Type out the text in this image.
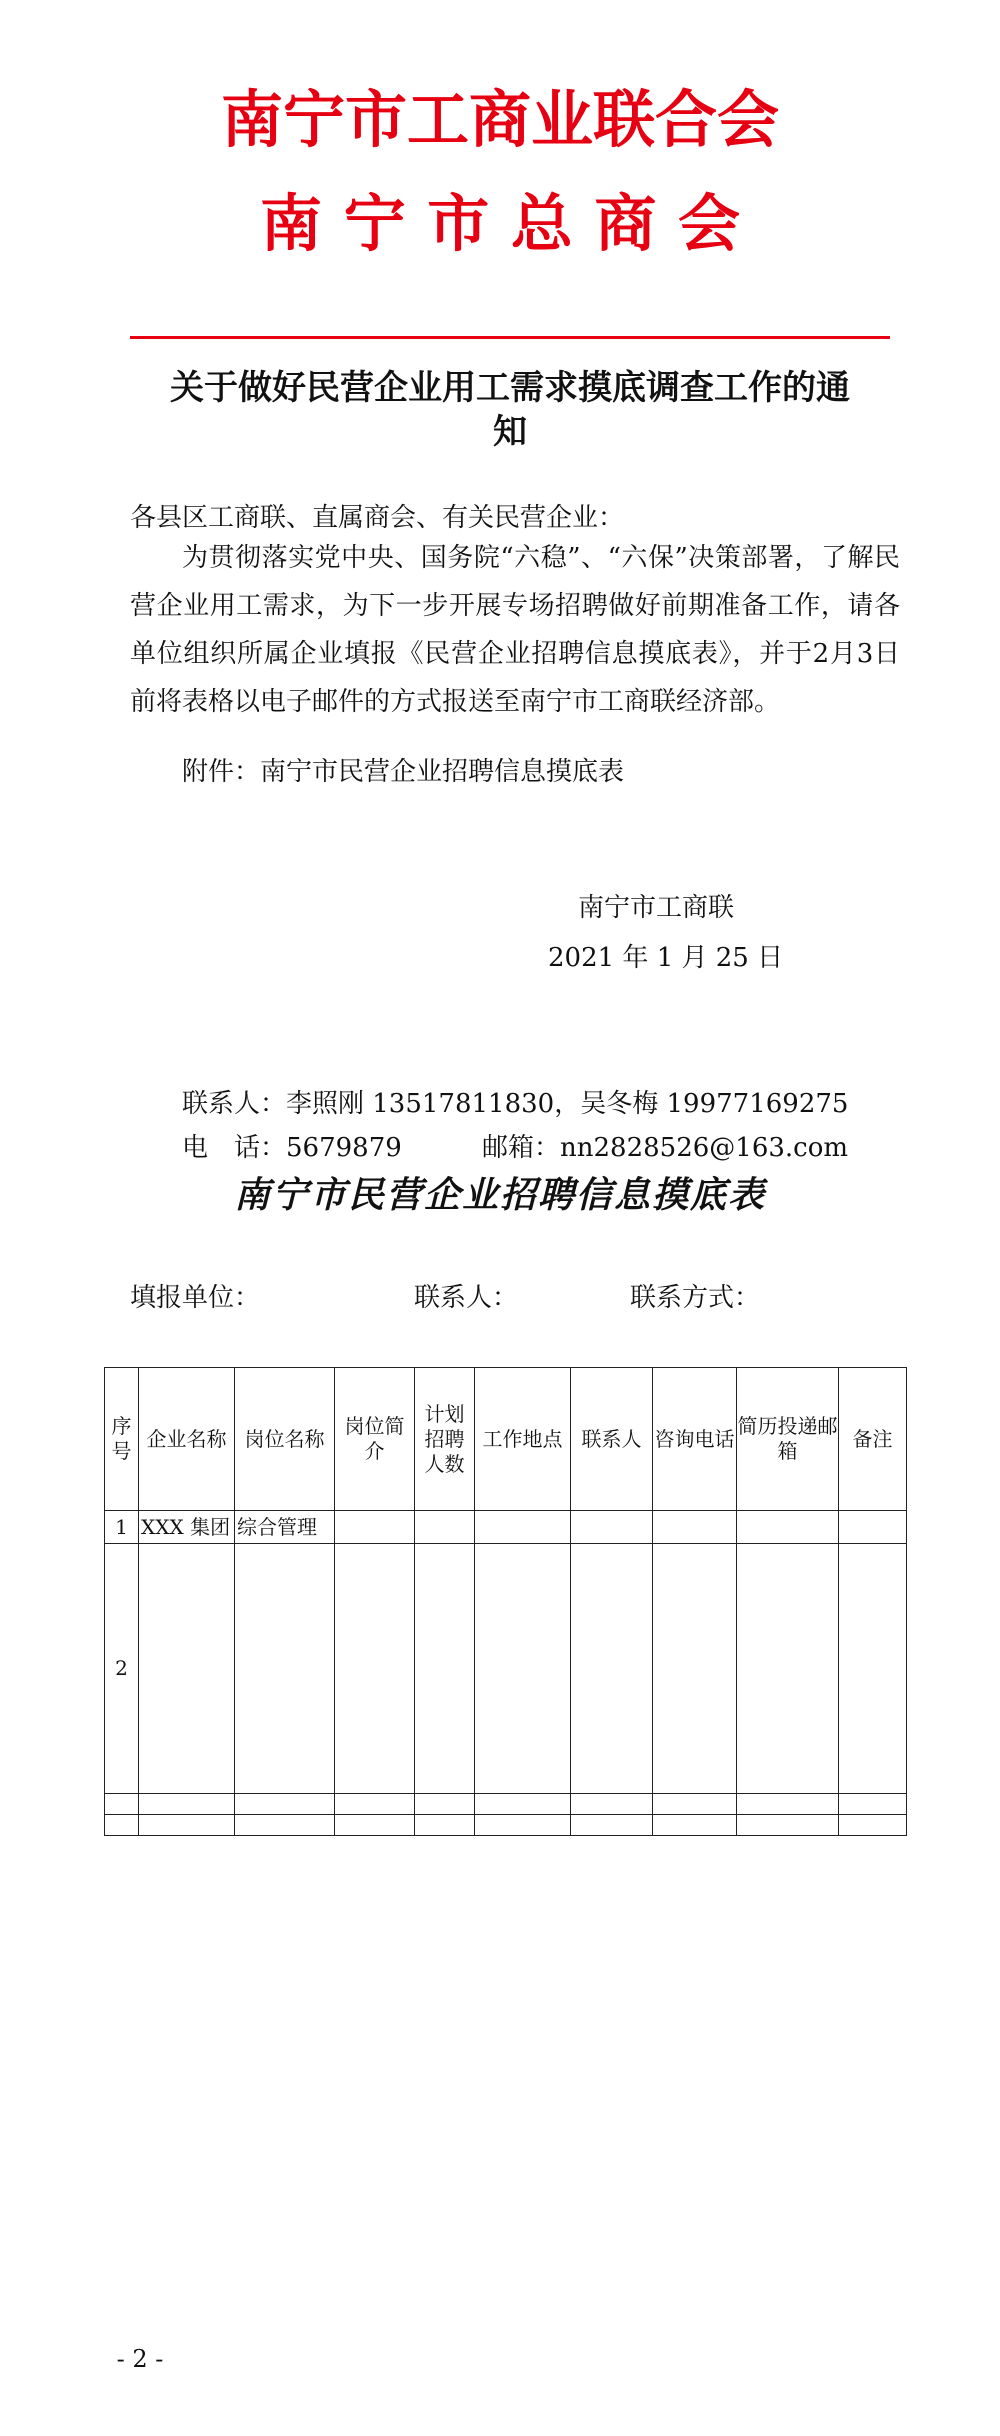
南宁市工商业联合会
南 宁 市 总 商 会
关于做好民营企业用工需求摸底调查工作的通
知
各县区工商联、直属商会、有关民营企业：
为贯彻落实党中央、国务院“六稳”、“六保”决策部署，了解民营企业用工需求，为下一步开展专场招聘做好前期准备工作，请各单位组织所属企业填报《民营企业招聘信息摸底表》，并于2月3日前将表格以电子邮件的方式报送至南宁市工商联经济部。
附件：南宁市民营企业招聘信息摸底表
南宁市工商联
2021 年 1 月 25 日
联系人：李照刚 13517811830，吴冬梅 19977169275
电　话：5679879	邮箱：nn2828526@163.com
南宁市民营企业招聘信息摸底表
填报单位：	联系人：	联系方式：
序号	企业名称	岗位名称	岗位简介	计划招聘人数	工作地点	联系人	咨询电话	简历投递邮箱	备注
1	XXX 集团	综合管理							
2									

- 2 -
